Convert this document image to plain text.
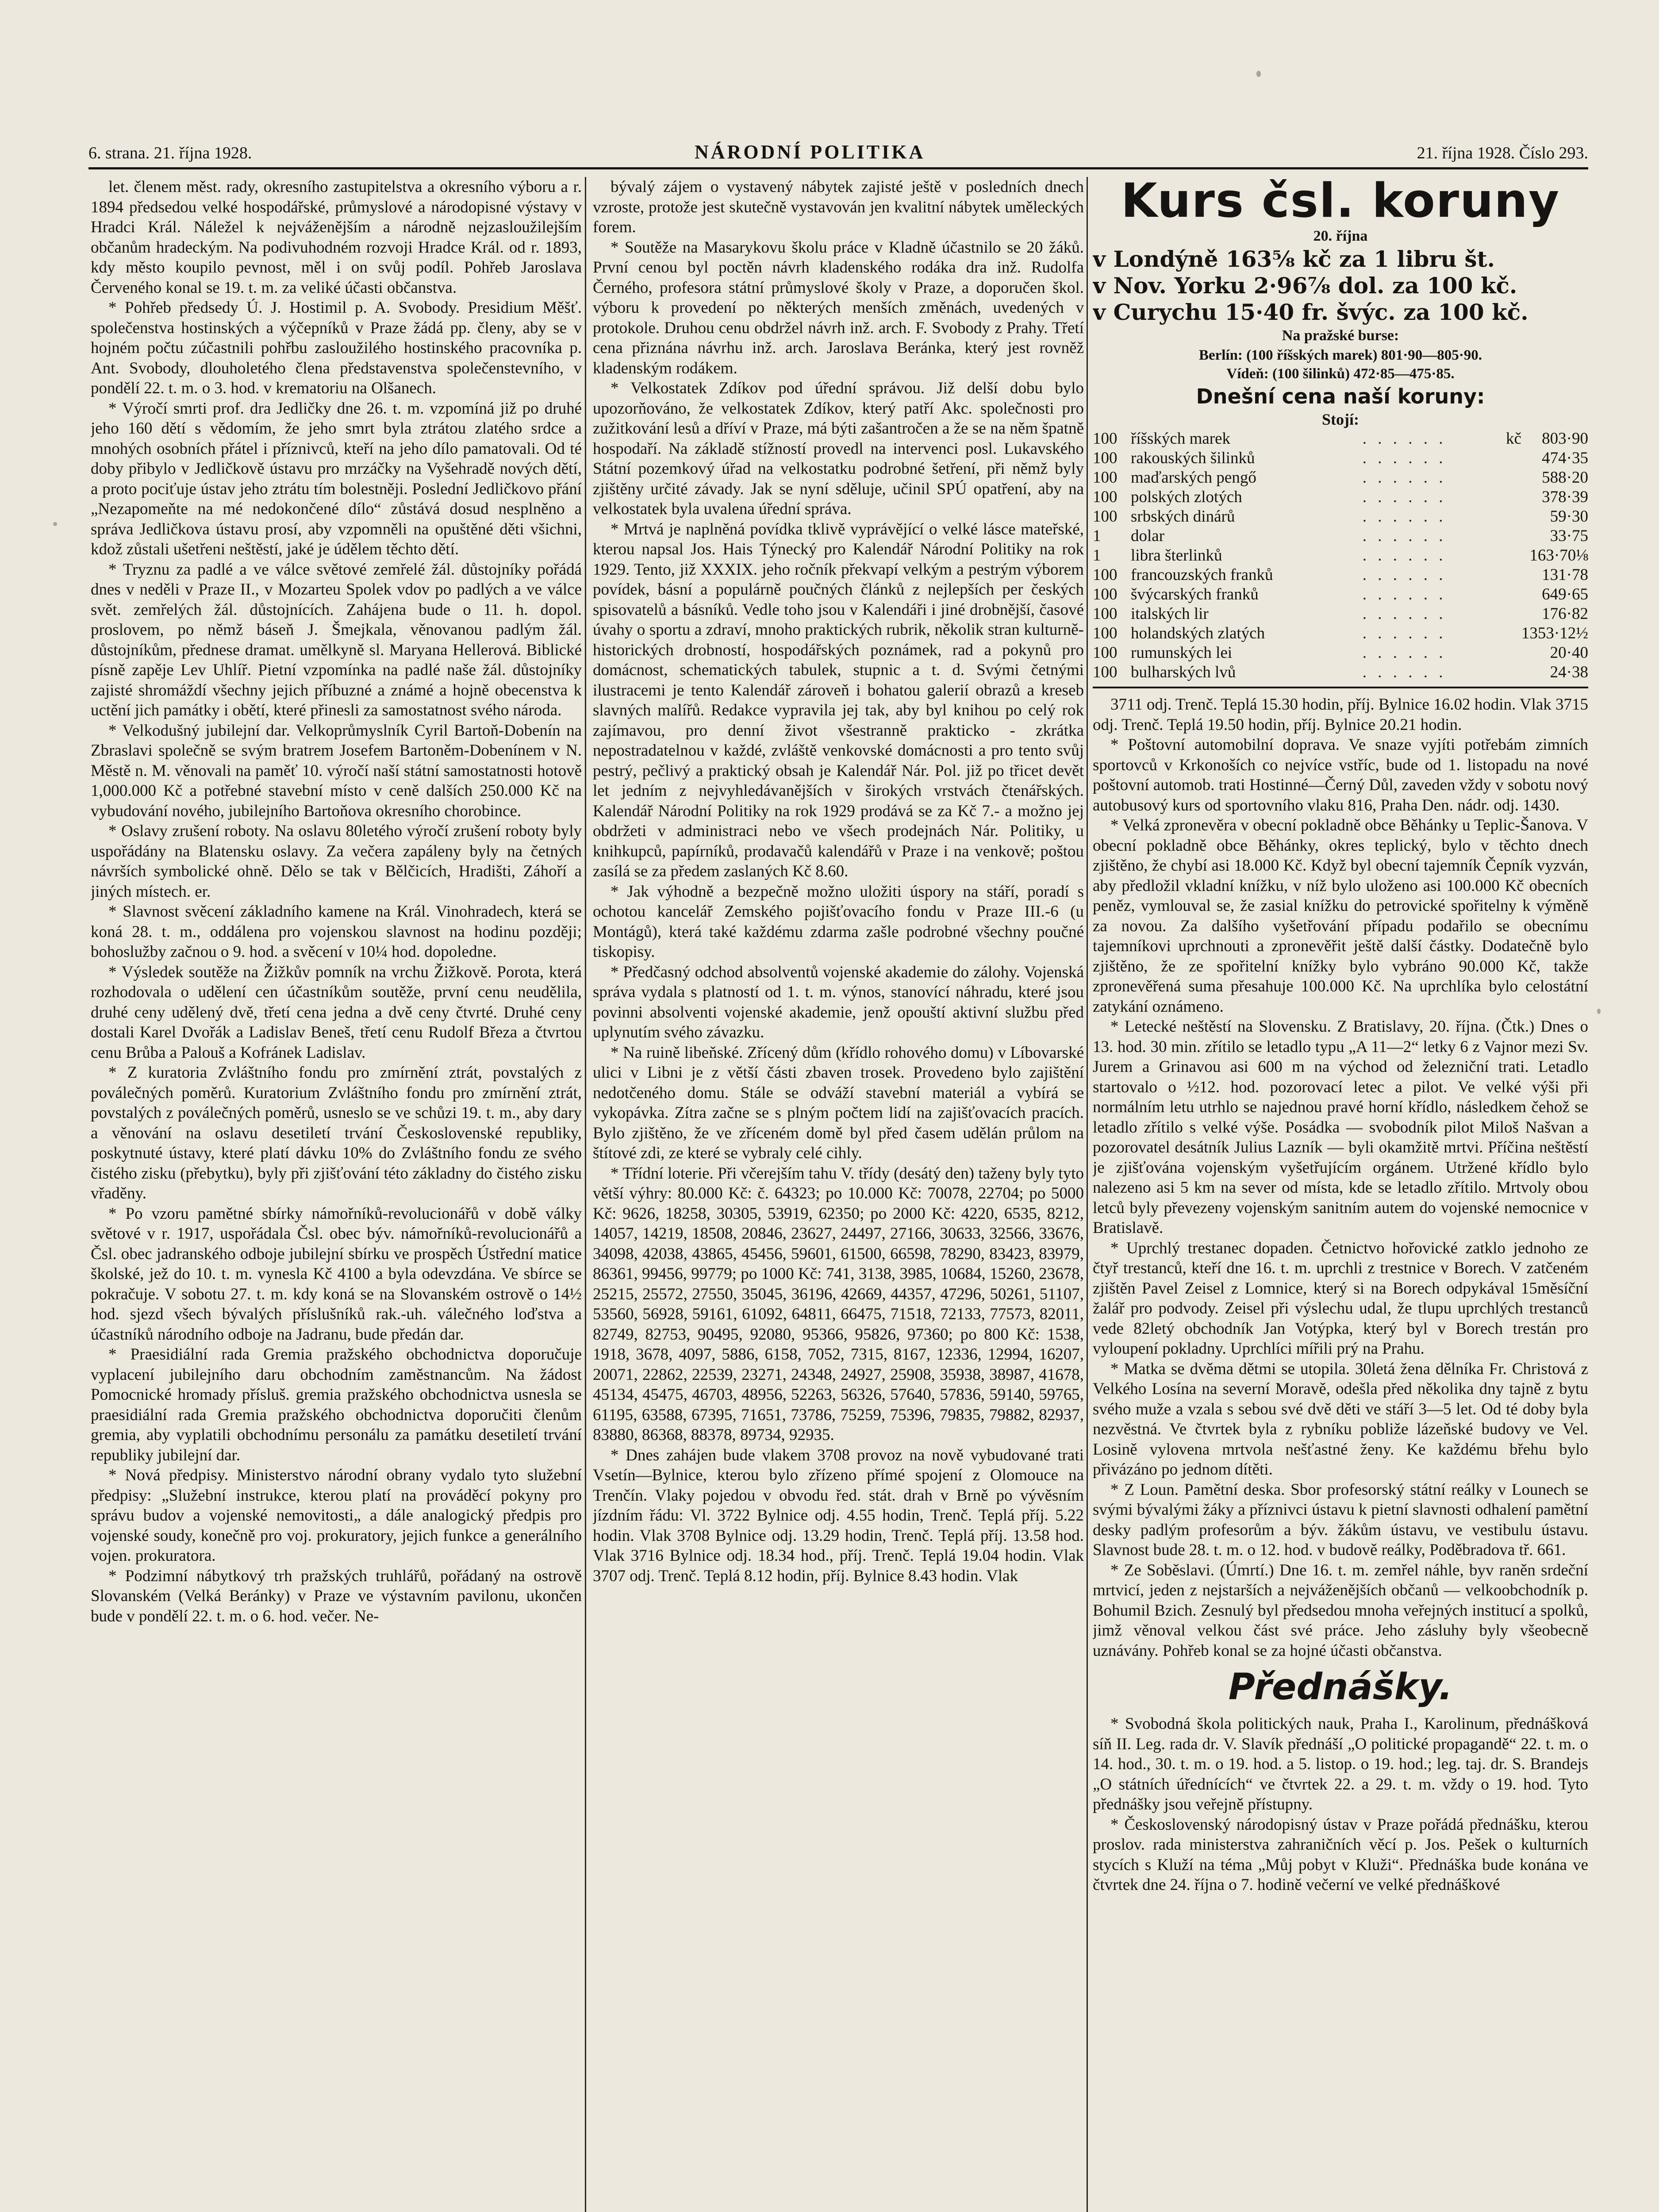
6. strana. 21. října 1928.	NÁRODNÍ POLITIKA	21. října 1928. Číslo 293.

let. členem měst. rady, okresního zastupitelstva a okresního výboru a r. 1894 předsedou velké hospodářské, průmyslové a národopisné výstavy v Hradci Král. Náležel k nejváženějším a národně nejzasloužilejším občanům hradeckým. Na podivuhodném rozvoji Hradce Král. od r. 1893, kdy město koupilo pevnost, měl i on svůj podíl. Pohřeb Jaroslava Červeného konal se 19. t. m. za veliké účasti občanstva.

* Pohřeb předsedy Ú. J. Hostimil p. A. Svobody. Presidium Měšť. společenstva hostinských a výčepníků v Praze žádá pp. členy, aby se v hojném počtu zúčastnili pohřbu zasloužilého hostinského pracovníka p. Ant. Svobody, dlouholetého člena představenstva společenstevního, v pondělí 22. t. m. o 3. hod. v krematoriu na Olšanech.

* Výročí smrti prof. dra Jedličky dne 26. t. m. vzpomíná již po druhé jeho 160 dětí s vědomím, že jeho smrt byla ztrátou zlatého srdce a mnohých osobních přátel i příznivců, kteří na jeho dílo pamatovali. Od té doby přibylo v Jedličkově ústavu pro mrzáčky na Vyšehradě nových dětí, a proto pociťuje ústav jeho ztrátu tím bolestněji. Poslední Jedličkovo přání „Nezapomeňte na mé nedokončené dílo“ zůstává dosud nesplněno a správa Jedličkova ústavu prosí, aby vzpomněli na opuštěné děti všichni, kdož zůstali ušetřeni neštěstí, jaké je údělem těchto dětí.

* Tryznu za padlé a ve válce světové zemřelé žál. důstojníky pořádá dnes v neděli v Praze II., v Mozarteu Spolek vdov po padlých a ve válce svět. zemřelých žál. důstojnících. Zahájena bude o 11. h. dopol. proslovem, po němž báseň J. Šmejkala, věnovanou padlým žál. důstojníkům, přednese dramat. umělkyně sl. Maryana Hellerová. Biblické písně zapěje Lev Uhlíř. Pietní vzpomínka na padlé naše žál. důstojníky zajisté shromáždí všechny jejich příbuzné a známé a hojně obecenstva k uctění jich památky i obětí, které přinesli za samostatnost svého národa.

* Velkodušný jubilejní dar. Velkoprůmyslník Cyril Bartoň-Dobenín na Zbraslavi společně se svým bratrem Josefem Bartoněm-Dobenínem v N. Městě n. M. věnovali na paměť 10. výročí naší státní samostatnosti hotově 1,000.000 Kč a potřebné stavební místo v ceně dalších 250.000 Kč na vybudování nového, jubilejního Bartoňova okresního chorobince.

* Oslavy zrušení roboty. Na oslavu 80letého výročí zrušení roboty byly uspořádány na Blatensku oslavy. Za večera zapáleny byly na četných návrších symbolické ohně. Dělo se tak v Bělčicích, Hradišti, Záhoří a jiných místech. er.

* Slavnost svěcení základního kamene na Král. Vinohradech, která se koná 28. t. m., oddálena pro vojenskou slavnost na hodinu později; bohoslužby začnou o 9. hod. a svěcení v 10¼ hod. dopoledne.

* Výsledek soutěže na Žižkův pomník na vrchu Žižkově. Porota, která rozhodovala o udělení cen účastníkům soutěže, první cenu neudělila, druhé ceny udělený dvě, třetí cena jedna a dvě ceny čtvrté. Druhé ceny dostali Karel Dvořák a Ladislav Beneš, třetí cenu Rudolf Březa a čtvrtou cenu Brůba a Palouš a Kofránek Ladislav.

* Z kuratoria Zvláštního fondu pro zmírnění ztrát, povstalých z poválečných poměrů. Kuratorium Zvláštního fondu pro zmírnění ztrát, povstalých z poválečných poměrů, usneslo se ve schůzi 19. t. m., aby dary a věnování na oslavu desetiletí trvání Československé republiky, poskytnuté ústavy, které platí dávku 10% do Zvláštního fondu ze svého čistého zisku (přebytku), byly při zjišťování této základny do čistého zisku vřaděny.

* Po vzoru pamětné sbírky námořníků-revolucionářů v době války světové v r. 1917, uspořádala Čsl. obec býv. námořníků-revolucionářů a Čsl. obec jadranského odboje jubilejní sbírku ve prospěch Ústřední matice školské, jež do 10. t. m. vynesla Kč 4100 a byla odevzdána. Ve sbírce se pokračuje. V sobotu 27. t. m. kdy koná se na Slovanském ostrově o 14½ hod. sjezd všech bývalých příslušníků rak.-uh. válečného loďstva a účastníků národního odboje na Jadranu, bude předán dar.

* Praesidiální rada Gremia pražského obchodnictva doporučuje vyplacení jubilejního daru obchodním zaměstnancům. Na žádost Pomocnické hromady přísluš. gremia pražského obchodnictva usnesla se praesidiální rada Gremia pražského obchodnictva doporučiti členům gremia, aby vyplatili obchodnímu personálu za památku desetiletí trvání republiky jubilejní dar.

* Nová předpisy. Ministerstvo národní obrany vydalo tyto služební předpisy: „Služební instrukce, kterou platí na prováděcí pokyny pro správu budov a vojenské nemovitosti„ a dále analogický předpis pro vojenské soudy, konečně pro voj. prokuratory, jejich funkce a generálního vojen. prokuratora.

* Podzimní nábytkový trh pražských truhlářů, pořádaný na ostrově Slovanském (Velká Beránky) v Praze ve výstavním pavilonu, ukončen bude v pondělí 22. t. m. o 6. hod. večer. Ne-

bývalý zájem o vystavený nábytek zajisté ještě v posledních dnech vzroste, protože jest skutečně vystavován jen kvalitní nábytek uměleckých forem.

* Soutěže na Masarykovu školu práce v Kladně účastnilo se 20 žáků. První cenou byl poctěn návrh kladenského rodáka dra inž. Rudolfa Černého, profesora státní průmyslové školy v Praze, a doporučen škol. výboru k provedení po některých menších změnách, uvedených v protokole. Druhou cenu obdržel návrh inž. arch. F. Svobody z Prahy. Třetí cena přiznána návrhu inž. arch. Jaroslava Beránka, který jest rovněž kladenským rodákem.

* Velkostatek Zdíkov pod úřední správou. Již delší dobu bylo upozorňováno, že velkostatek Zdíkov, který patří Akc. společnosti pro zužitkování lesů a dříví v Praze, má býti zašantročen a že se na něm špatně hospodaří. Na základě stížností provedl na intervenci posl. Lukavského Státní pozemkový úřad na velkostatku podrobné šetření, při němž byly zjištěny určité závady. Jak se nyní sděluje, učinil SPÚ opatření, aby na velkostatek byla uvalena úřední správa.

* Mrtvá je naplněná povídka tklivě vyprávějící o velké lásce mateřské, kterou napsal Jos. Hais Týnecký pro Kalendář Národní Politiky na rok 1929. Tento, již XXXIX. jeho ročník překvapí velkým a pestrým výborem povídek, básní a populárně poučných článků z nejlepších per českých spisovatelů a básníků. Vedle toho jsou v Kalendáři i jiné drobnější, časové úvahy o sportu a zdraví, mnoho praktických rubrik, několik stran kulturně-historických drobností, hospodářských poznámek, rad a pokynů pro domácnost, schematických tabulek, stupnic a t. d. Svými četnými ilustracemi je tento Kalendář zároveň i bohatou galerií obrazů a kreseb slavných malířů. Redakce vypravila jej tak, aby byl knihou po celý rok zajímavou, pro denní život všestranně prakticko - zkrátka nepostradatelnou v každé, zvláště venkovské domácnosti a pro tento svůj pestrý, pečlivý a praktický obsah je Kalendář Nár. Pol. již po třicet devět let jedním z nejvyhledávanějších v širokých vrstvách čtenářských. Kalendář Národní Politiky na rok 1929 prodává se za Kč 7.- a možno jej obdržeti v administraci nebo ve všech prodejnách Nár. Politiky, u knihkupců, papírníků, prodavačů kalendářů v Praze i na venkově; poštou zasílá se za předem zaslaných Kč 8.60.

* Jak výhodně a bezpečně možno uložiti úspory na stáří, poradí s ochotou kancelář Zemského pojišťovacího fondu v Praze III.-6 (u Montágů), která také každému zdarma zašle podrobné všechny poučné tiskopisy.

* Předčasný odchod absolventů vojenské akademie do zálohy. Vojenská správa vydala s platností od 1. t. m. výnos, stanovící náhradu, které jsou povinni absolventi vojenské akademie, jenž opouští aktivní službu před uplynutím svého závazku.

* Na ruině libeňské. Zřícený dům (křídlo rohového domu) v Líbovarské ulici v Libni je z větší části zbaven trosek. Provedeno bylo zajištění nedotčeného domu. Stále se odváží stavební materiál a vybírá se vykopávka. Zítra začne se s plným počtem lidí na zajišťovacích pracích. Bylo zjištěno, že ve zříceném domě byl před časem udělán průlom na štítové zdi, ze které se vybraly celé cihly.

* Třídní loterie. Při včerejším tahu V. třídy (desátý den) taženy byly tyto větší výhry: 80.000 Kč: č. 64323; po 10.000 Kč: 70078, 22704; po 5000 Kč: 9626, 18258, 30305, 53919, 62350; po 2000 Kč: 4220, 6535, 8212, 14057, 14219, 18508, 20846, 23627, 24497, 27166, 30633, 32566, 33676, 34098, 42038, 43865, 45456, 59601, 61500, 66598, 78290, 83423, 83979, 86361, 99456, 99779; po 1000 Kč: 741, 3138, 3985, 10684, 15260, 23678, 25215, 25572, 27550, 35045, 36196, 42669, 44357, 47296, 50261, 51107, 53560, 56928, 59161, 61092, 64811, 66475, 71518, 72133, 77573, 82011, 82749, 82753, 90495, 92080, 95366, 95826, 97360; po 800 Kč: 1538, 1918, 3678, 4097, 5886, 6158, 7052, 7315, 8167, 12336, 12994, 16207, 20071, 22862, 22539, 23271, 24348, 24927, 25908, 35938, 38987, 41678, 45134, 45475, 46703, 48956, 52263, 56326, 57640, 57836, 59140, 59765, 61195, 63588, 67395, 71651, 73786, 75259, 75396, 79835, 79882, 82937, 83880, 86368, 88378, 89734, 92935.

* Dnes zahájen bude vlakem 3708 provoz na nově vybudované trati Vsetín—Bylnice, kterou bylo zřízeno přímé spojení z Olomouce na Trenčín. Vlaky pojedou v obvodu řed. stát. drah v Brně po vývěsním jízdním řádu: Vl. 3722 Bylnice odj. 4.55 hodin, Trenč. Teplá příj. 5.22 hodin. Vlak 3708 Bylnice odj. 13.29 hodin, Trenč. Teplá příj. 13.58 hod. Vlak 3716 Bylnice odj. 18.34 hod., příj. Trenč. Teplá 19.04 hodin. Vlak 3707 odj. Trenč. Teplá 8.12 hodin, příj. Bylnice 8.43 hodin. Vlak

Kurs čsl. koruny
20. října
v Londýně 163⅝ kč za 1 libru št.
v Nov. Yorku 2·96⅞ dol. za 100 kč.
v Curychu 15·40 fr. švýc. za 100 kč.
Na pražské burse:
Berlín: (100 říšských marek) 801·90—805·90.
Vídeň: (100 šilinků) 472·85—475·85.
Dnešní cena naší koruny:
Stojí:
100	říšských marek	. . . . . .	kč	803·90
100	rakouských šilinků	. . . . . .		474·35
100	maďarských pengő	. . . . . .		588·20
100	polských zlotých	. . . . . .		378·39
100	srbských dinárů	. . . . . .		59·30
1	dolar	. . . . . .		33·75
1	libra šterlinků	. . . . . .		163·70⅛
100	francouzských franků	. . . . . .		131·78
100	švýcarských franků	. . . . . .		649·65
100	italských lir	. . . . . .		176·82
100	holandských zlatých	. . . . . .		1353·12½
100	rumunských lei	. . . . . .		20·40
100	bulharských lvů	. . . . . .		24·38

3711 odj. Trenč. Teplá 15.30 hodin, příj. Bylnice 16.02 hodin. Vlak 3715 odj. Trenč. Teplá 19.50 hodin, příj. Bylnice 20.21 hodin.

* Poštovní automobilní doprava. Ve snaze vyjíti potřebám zimních sportovců v Krkonoších co nejvíce vstříc, bude od 1. listopadu na nové poštovní automob. trati Hostinné—Černý Důl, zaveden vždy v sobotu nový autobusový kurs od sportovního vlaku 816, Praha Den. nádr. odj. 1430.

* Velká zpronevěra v obecní pokladně obce Běhánky u Teplic-Šanova. V obecní pokladně obce Běhánky, okres teplický, bylo v těchto dnech zjištěno, že chybí asi 18.000 Kč. Když byl obecní tajemník Čepník vyzván, aby předložil vkladní knížku, v níž bylo uloženo asi 100.000 Kč obecních peněz, vymlouval se, že zasial knížku do petrovické spořitelny k výměně za novou. Za dalšího vyšetřování případu podařilo se obecnímu tajemníkovi uprchnouti a zpronevěřit ještě další částky. Dodatečně bylo zjištěno, že ze spořitelní knížky bylo vybráno 90.000 Kč, takže zpronevěřená suma přesahuje 100.000 Kč. Na uprchlíka bylo celostátní zatykání oznámeno.

* Letecké neštěstí na Slovensku. Z Bratislavy, 20. října. (Čtk.) Dnes o 13. hod. 30 min. zřítilo se letadlo typu „A 11—2“ letky 6 z Vajnor mezi Sv. Jurem a Grinavou asi 600 m na východ od železniční trati. Letadlo startovalo o ½12. hod. pozorovací letec a pilot. Ve velké výši při normálním letu utrhlo se najednou pravé horní křídlo, následkem čehož se letadlo zřítilo s velké výše. Posádka — svobodník pilot Miloš Našvan a pozorovatel desátník Julius Lazník — byli okamžitě mrtvi. Příčina neštěstí je zjišťována vojenským vyšetřujícím orgánem. Utržené křídlo bylo nalezeno asi 5 km na sever od místa, kde se letadlo zřítilo. Mrtvoly obou letců byly převezeny vojenským sanitním autem do vojenské nemocnice v Bratislavě.

* Uprchlý trestanec dopaden. Četnictvo hořovické zatklo jednoho ze čtyř trestanců, kteří dne 16. t. m. uprchli z trestnice v Borech. V zatčeném zjištěn Pavel Zeisel z Lomnice, který si na Borech odpykával 15měsíční žalář pro podvody. Zeisel při výslechu udal, že tlupu uprchlých trestanců vede 82letý obchodník Jan Votýpka, který byl v Borech trestán pro vyloupení pokladny. Uprchlíci mířili prý na Prahu.

* Matka se dvěma dětmi se utopila. 30letá žena dělníka Fr. Christová z Velkého Losína na severní Moravě, odešla před několika dny tajně z bytu svého muže a vzala s sebou své dvě děti ve stáří 3—5 let. Od té doby byla nezvěstná. Ve čtvrtek byla z rybníku pobliže lázeňské budovy ve Vel. Losině vylovena mrtvola nešťastné ženy. Ke každému břehu bylo přivázáno po jednom dítěti.

* Z Loun. Pamětní deska. Sbor profesorský státní reálky v Lounech se svými bývalými žáky a příznivci ústavu k pietní slavnosti odhalení pamětní desky padlým profesorům a býv. žákům ústavu, ve vestibulu ústavu. Slavnost bude 28. t. m. o 12. hod. v budově reálky, Poděbradova tř. 661.

* Ze Soběslavi. (Úmrtí.) Dne 16. t. m. zemřel náhle, byv raněn srdeční mrtvicí, jeden z nejstarších a nejváženějších občanů — velkoobchodník p. Bohumil Bzich. Zesnulý byl předsedou mnoha veřejných institucí a spolků, jimž věnoval velkou část své práce. Jeho zásluhy byly všeobecně uznávány. Pohřeb konal se za hojné účasti občanstva.

Přednášky.

* Svobodná škola politických nauk, Praha I., Karolinum, přednášková síň II. Leg. rada dr. V. Slavík přednáší „O politické propagandě“ 22. t. m. o 14. hod., 30. t. m. o 19. hod. a 5. listop. o 19. hod.; leg. taj. dr. S. Brandejs „O státních úřednících“ ve čtvrtek 22. a 29. t. m. vždy o 19. hod. Tyto přednášky jsou veřejně přístupny.

* Československý národopisný ústav v Praze pořádá přednášku, kterou proslov. rada ministerstva zahraničních věcí p. Jos. Pešek o kulturních stycích s Kluží na téma „Můj pobyt v Kluži“. Přednáška bude konána ve čtvrtek dne 24. října o 7. hodině večerní ve velké přednáškové
